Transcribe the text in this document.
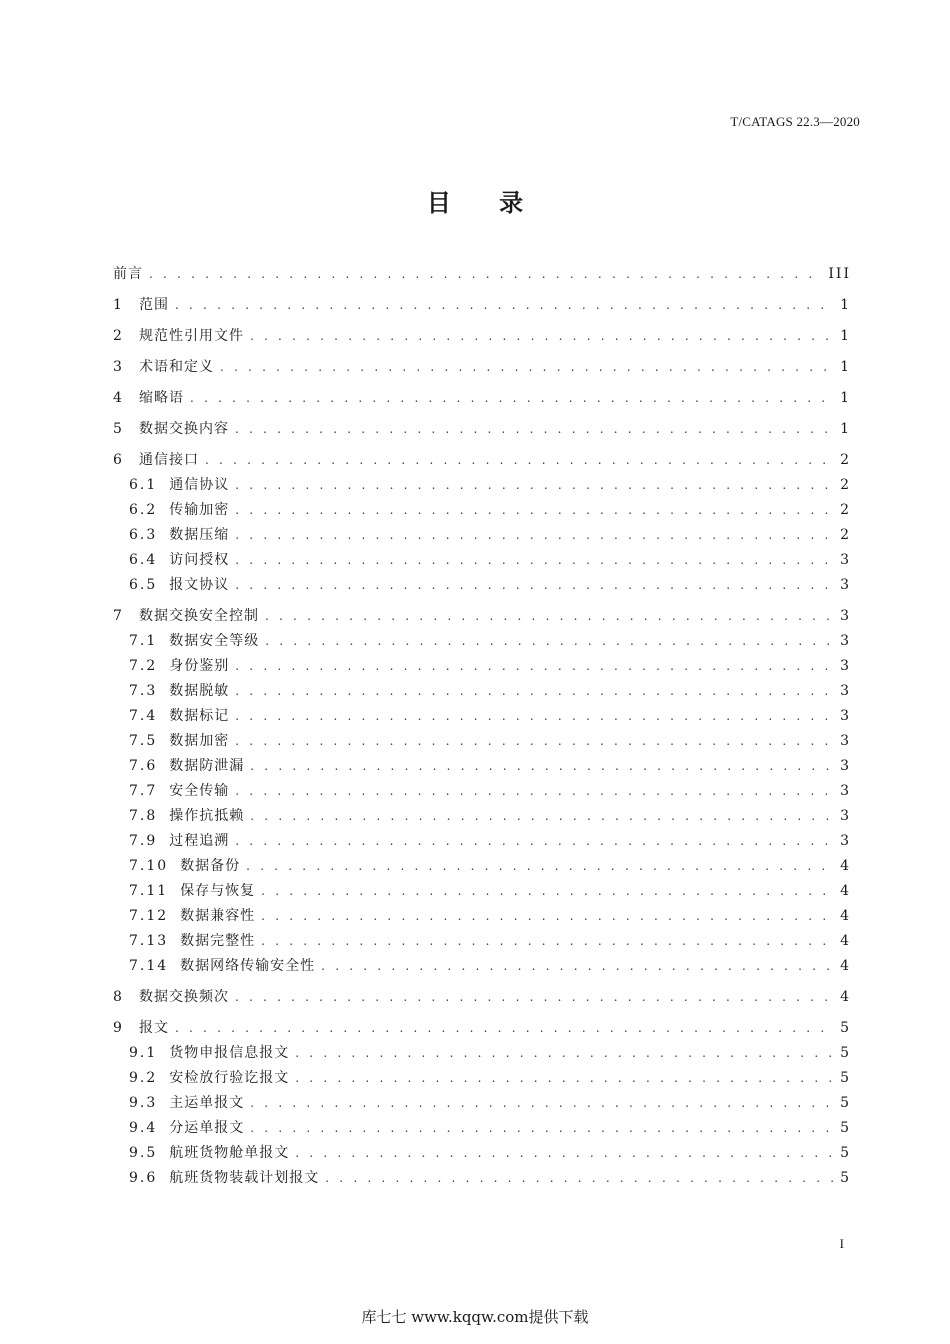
T/CATAGS 22.3—2020
目 录
前言 . . .	III
1	范围 . . .	1
2	规范性引用文件 . . .	1
3	术语和定义 . . .	1
4	缩略语 . . .	1
5	数据交换内容 . . .	1
6	通信接口 . . .	2
6.1 通信协议 . . .	2
6.2 传输加密 . . .	2
6.3 数据压缩 . . .	2
6.4 访问授权 . . .	3
6.5 报文协议 . . .	3
7	数据交换安全控制 . . .	3
7.1 数据安全等级 . . .	3
7.2 身份鉴别 . . .	3
7.3 数据脱敏 . . .	3
7.4 数据标记 . . .	3
7.5 数据加密 . . .	3
7.6 数据防泄漏 . . .	3
7.7 安全传输 . . .	3
7.8 操作抗抵赖 . . .	3
7.9 过程追溯 . . .	3
7.10 数据备份 . . .	4
7.11 保存与恢复 . . .	4
7.12 数据兼容性 . . .	4
7.13 数据完整性 . . .	4
7.14 数据网络传输安全性 . . .	4
8	数据交换频次 . . .	4
9	报文 . . .	5
9.1 货物申报信息报文 . . .	5
9.2 安检放行验讫报文 . . .	5
9.3 主运单报文 . . .	5
9.4 分运单报文 . . .	5
9.5 航班货物舱单报文 . . .	5
9.6 航班货物装载计划报文 . . .	5
I
库七七 www.kqqw.com提供下载
